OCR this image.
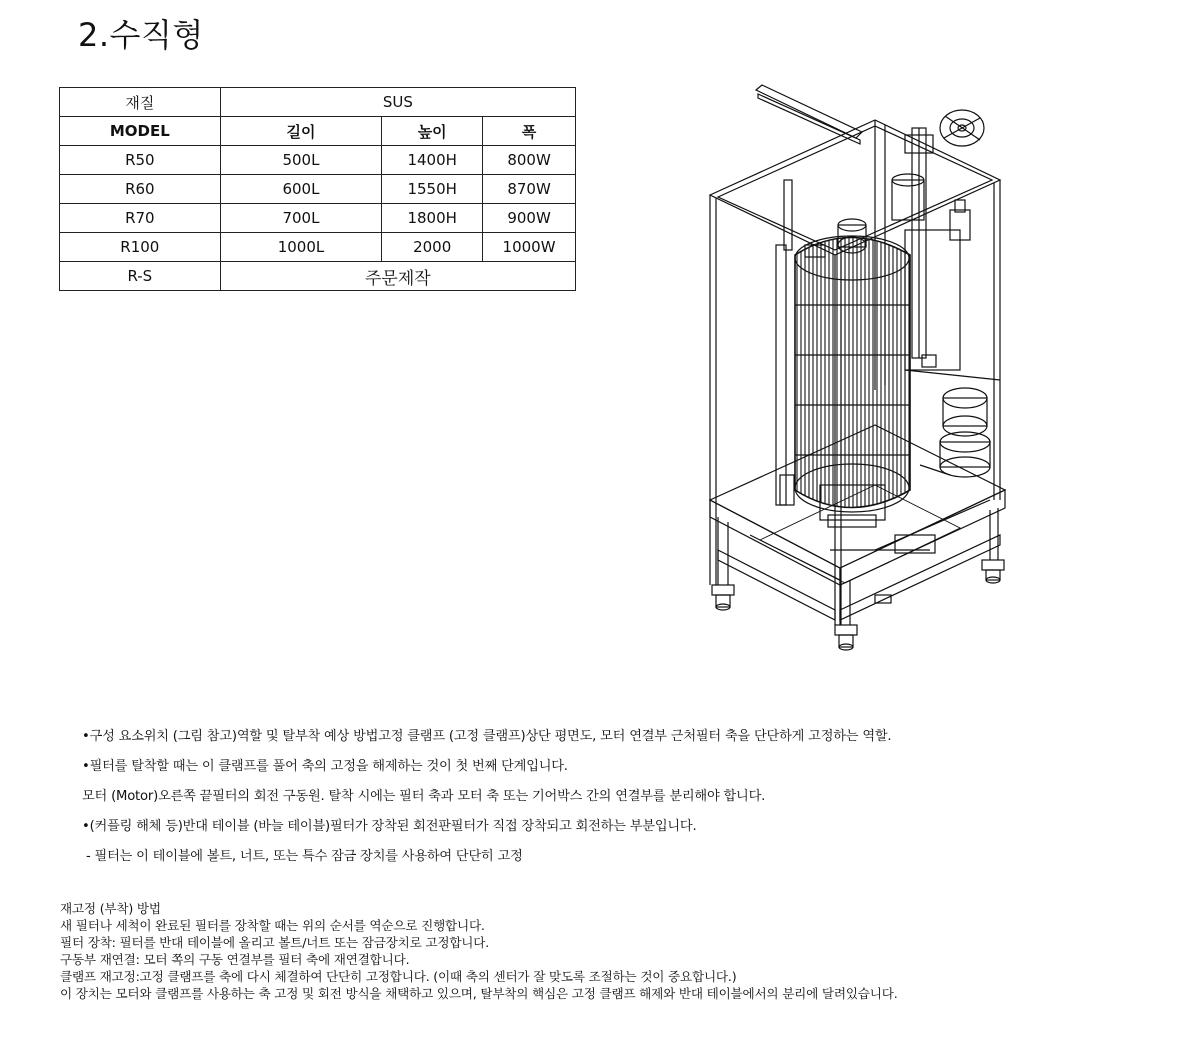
2.수직형
재질	SUS		
MODEL	길이	높이	폭
R50	500L	1400H	800W
R60	600L	1550H	870W
R70	700L	1800H	900W
R100	1000L	2000	1000W
R-S	주문제작		
•구성 요소위치 (그림 참고)역할 및 탈부착 예상 방법고정 클램프 (고정 클램프)상단 평면도, 모터 연결부 근처필터 축을 단단하게 고정하는 역할.
•필터를 탈착할 때는 이 클램프를 풀어 축의 고정을 해제하는 것이 첫 번째 단계입니다.
모터 (Motor)오른쪽 끝필터의 회전 구동원. 탈착 시에는 필터 축과 모터 축 또는 기어박스 간의 연결부를 분리해야 합니다.
•(커플링 해체 등)반대 테이블 (바늘 테이블)필터가 장착된 회전판필터가 직접 장착되고 회전하는 부분입니다.
- 필터는 이 테이블에 볼트, 너트, 또는 특수 잠금 장치를 사용하여 단단히 고정
재고정 (부착) 방법
새 필터나 세척이 완료된 필터를 장착할 때는 위의 순서를 역순으로 진행합니다.
필터 장착: 필터를 반대 테이블에 올리고 볼트/너트 또는 잠금장치로 고정합니다.
구동부 재연결: 모터 쪽의 구동 연결부를 필터 축에 재연결합니다.
클램프 재고정:고정 클램프를 축에 다시 체결하여 단단히 고정합니다. (이때 축의 센터가 잘 맞도록 조절하는 것이 중요합니다.)
이 장치는 모터와 클램프를 사용하는 축 고정 및 회전 방식을 채택하고 있으며, 탈부착의 핵심은 고정 클램프 해제와 반대 테이블에서의 분리에 달려있습니다.
